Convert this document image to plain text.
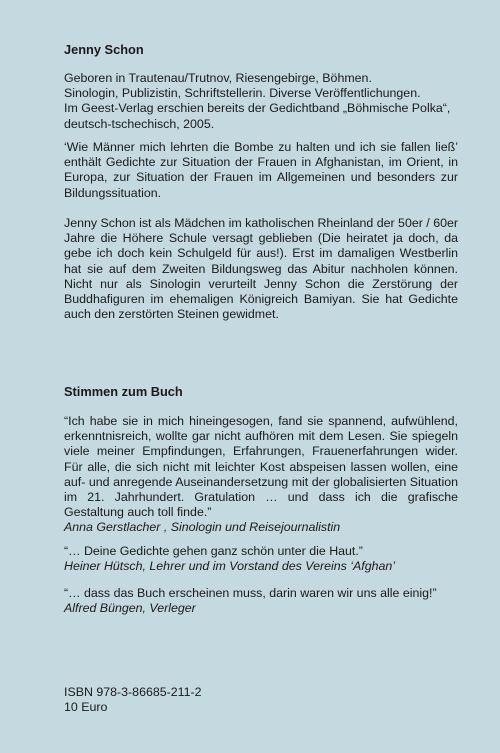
Jenny Schon
Geboren in Trautenau/Trutnov, Riesengebirge, Böhmen.
Sinologin, Publizistin, Schriftstellerin. Diverse Veröffentlichungen.
Im Geest-Verlag erschien bereits der Gedichtband „Böhmische Polka“,
deutsch-tschechisch, 2005.

‘Wie Männer mich lehrten die Bombe zu halten und ich sie fallen ließ’ enthält Gedichte zur Situation der Frauen in Afghanistan, im Orient, in Europa, zur Situation der Frauen im Allgemeinen und besonders zur Bildungssituation.

Jenny Schon ist als Mädchen im katholischen Rheinland der 50er / 60er Jahre die Höhere Schule versagt geblieben (Die heiratet ja doch, da gebe ich doch kein Schulgeld für aus!). Erst im damaligen Westberlin hat sie auf dem Zweiten Bildungsweg das Abitur nachholen können. Nicht nur als Sinologin verurteilt Jenny Schon die Zerstörung der Buddhafiguren im ehemaligen Königreich Bamiyan. Sie hat Gedichte auch den zerstörten Steinen gewidmet.

Stimmen zum Buch

“Ich habe sie in mich hineingesogen, fand sie spannend, aufwühlend, erkenntnisreich, wollte gar nicht aufhören mit dem Lesen. Sie spiegeln viele meiner Empfindungen, Erfahrungen, Frauenerfahrungen wider. Für alle, die sich nicht mit leichter Kost abspeisen lassen wollen, eine auf- und anregende Auseinandersetzung mit der globalisierten Situation im 21. Jahrhundert. Gratulation … und dass ich die grafische Gestaltung auch toll finde.”

Anna Gerstlacher , Sinologin und Reisejournalistin

“… Deine Gedichte gehen ganz schön unter die Haut.”

Heiner Hütsch, Lehrer und im Vorstand des Vereins ‘Afghan’

“… dass das Buch erscheinen muss, darin waren wir uns alle einig!”

Alfred Büngen, Verleger

ISBN 978-3-86685-211-2
10 Euro
